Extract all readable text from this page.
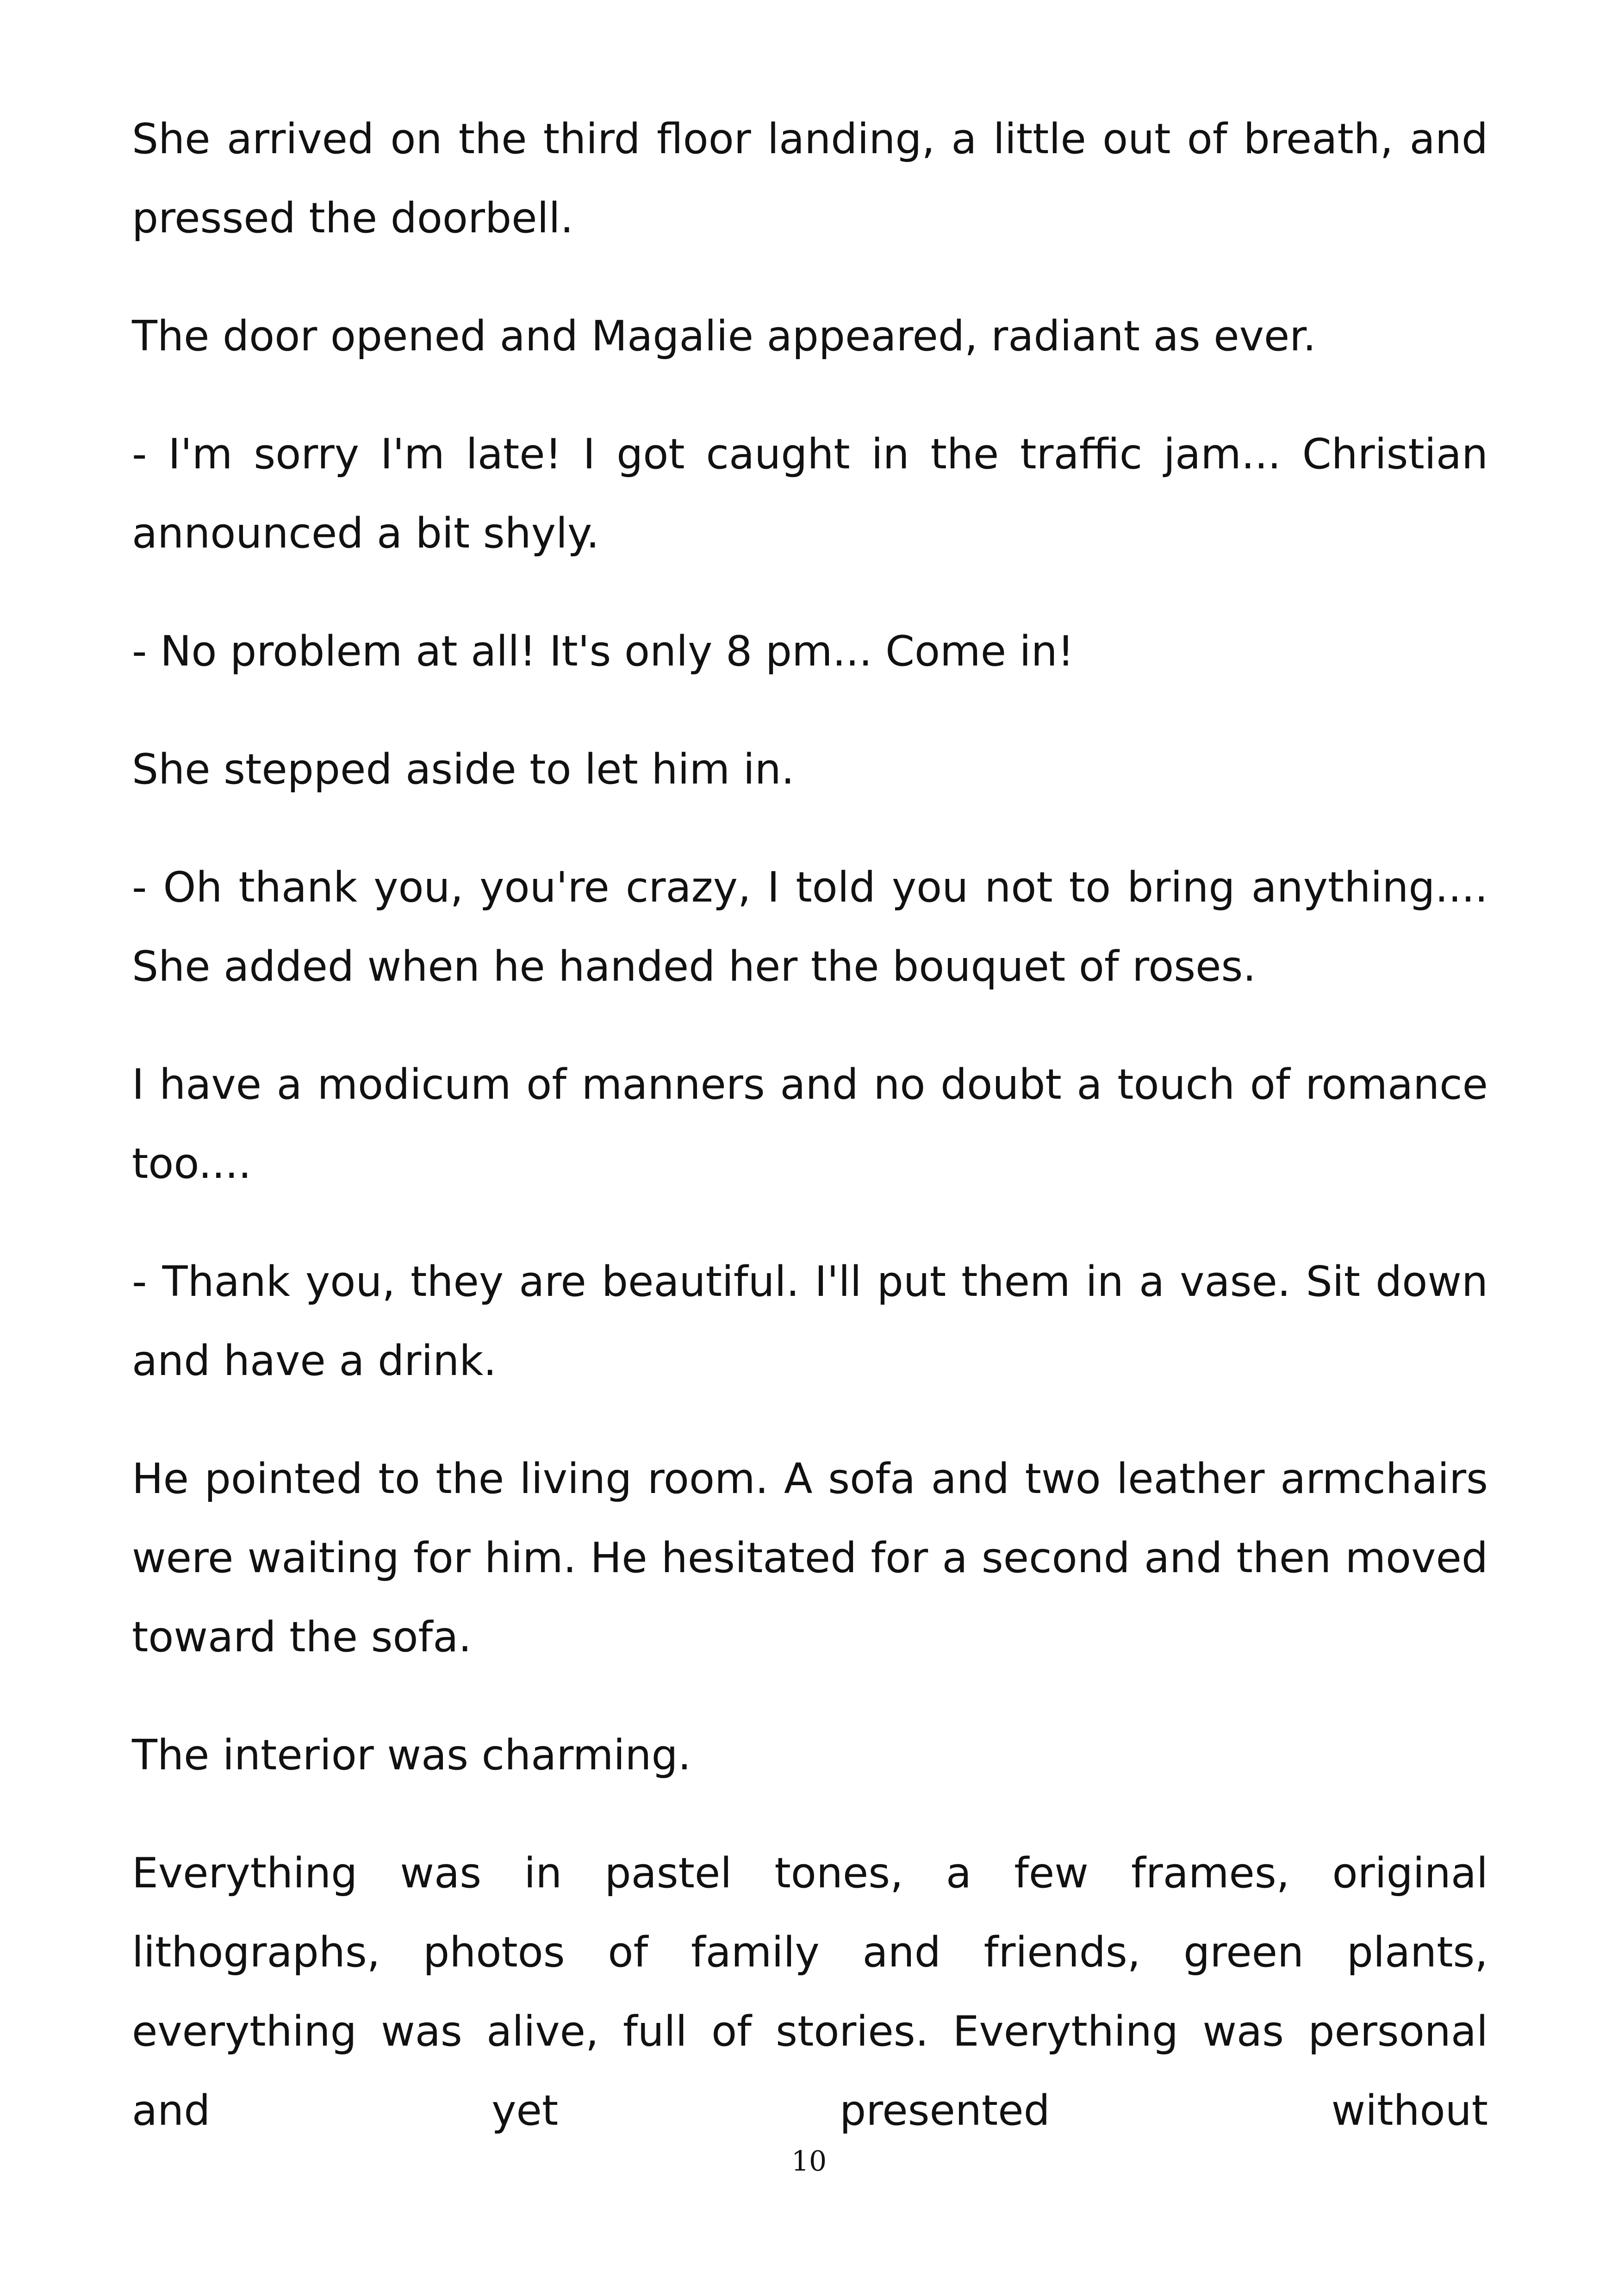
She arrived on the third floor landing, a little out of breath, and pressed the doorbell.

The door opened and Magalie appeared, radiant as ever.

- I'm sorry I'm late! I got caught in the traffic jam... Christian announced a bit shyly.

- No problem at all! It's only 8 pm... Come in!

She stepped aside to let him in.

- Oh thank you, you're crazy, I told you not to bring anything.... She added when he handed her the bouquet of roses.

I have a modicum of manners and no doubt a touch of romance too....

- Thank you, they are beautiful. I'll put them in a vase. Sit down and have a drink.

He pointed to the living room. A sofa and two leather armchairs were waiting for him. He hesitated for a second and then moved toward the sofa.

The interior was charming.

Everything was in pastel tones, a few frames, original lithographs, photos of family and friends, green plants, everything was alive, full of stories. Everything was personal and yet presented without

10
